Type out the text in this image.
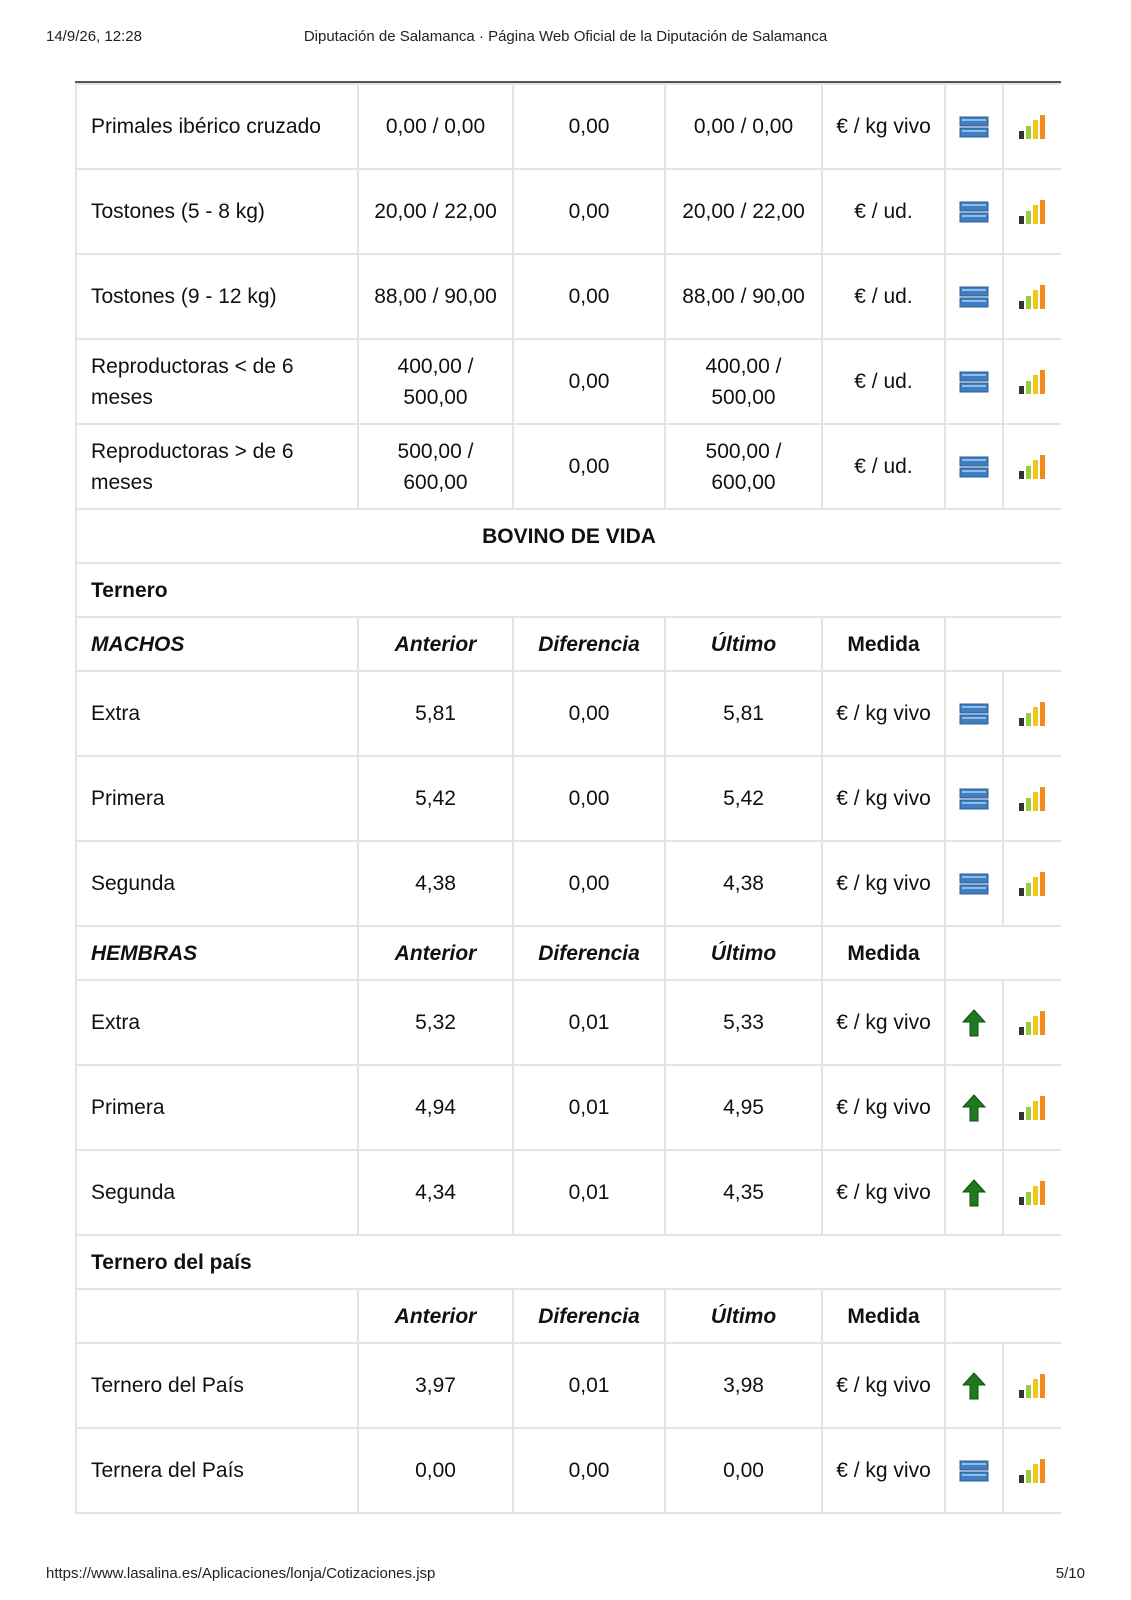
14/9/26, 12:28	Diputación de Salamanca · Página Web Oficial de la Diputación de Salamanca
Primales ibérico cruzado	0,00 / 0,00	0,00	0,00 / 0,00	€ / kg vivo		
Tostones (5 - 8 kg)	20,00 / 22,00	0,00	20,00 / 22,00	€ / ud.		
Tostones (9 - 12 kg)	88,00 / 90,00	0,00	88,00 / 90,00	€ / ud.		
Reproductoras < de 6 meses	400,00 / 500,00	0,00	400,00 / 500,00	€ / ud.		
Reproductoras > de 6 meses	500,00 / 600,00	0,00	500,00 / 600,00	€ / ud.		
BOVINO DE VIDA						
Ternero						
MACHOS	Anterior	Diferencia	Último	Medida		
Extra	5,81	0,00	5,81	€ / kg vivo		
Primera	5,42	0,00	5,42	€ / kg vivo		
Segunda	4,38	0,00	4,38	€ / kg vivo		
HEMBRAS	Anterior	Diferencia	Último	Medida		
Extra	5,32	0,01	5,33	€ / kg vivo		
Primera	4,94	0,01	4,95	€ / kg vivo		
Segunda	4,34	0,01	4,35	€ / kg vivo		
Ternero del país						
	Anterior	Diferencia	Último	Medida		
Ternero del País	3,97	0,01	3,98	€ / kg vivo		
Ternera del País	0,00	0,00	0,00	€ / kg vivo		
https://www.lasalina.es/Aplicaciones/lonja/Cotizaciones.jsp	5/10
